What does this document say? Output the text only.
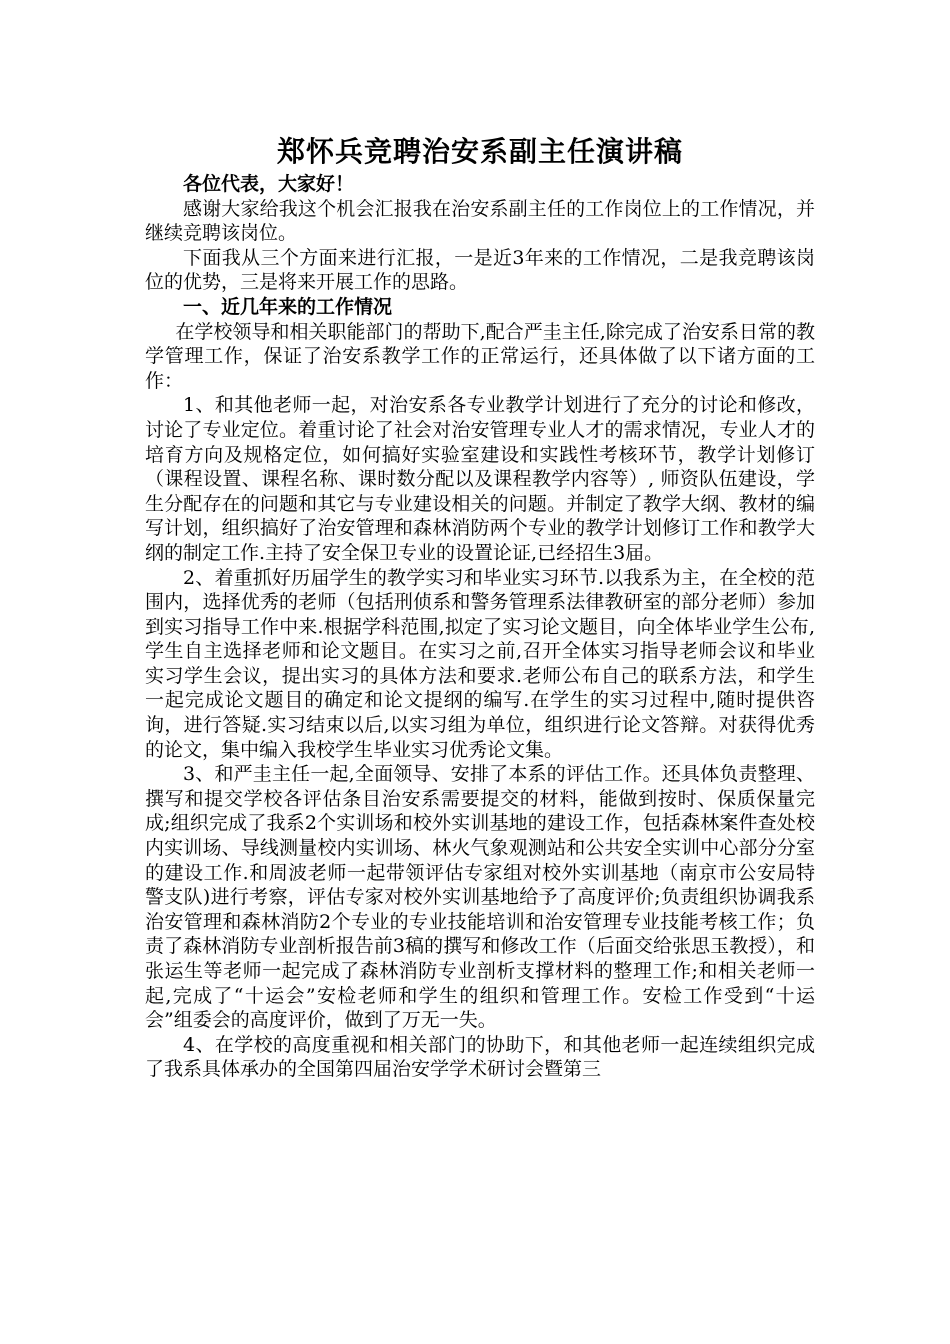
郑怀兵竞聘治安系副主任演讲稿

各位代表，大家好！

感谢大家给我这个机会汇报我在治安系副主任的工作岗位上的工作情况，并继续竞聘该岗位。

下面我从三个方面来进行汇报，一是近3年来的工作情况，二是我竞聘该岗位的优势，三是将来开展工作的思路。

一、近几年来的工作情况

在学校领导和相关职能部门的帮助下,配合严圭主任,除完成了治安系日常的教学管理工作，保证了治安系教学工作的正常运行，还具体做了以下诸方面的工作：

1、和其他老师一起，对治安系各专业教学计划进行了充分的讨论和修改，讨论了专业定位。着重讨论了社会对治安管理专业人才的需求情况，专业人才的培育方向及规格定位，如何搞好实验室建设和实践性考核环节，教学计划修订（课程设置、课程名称、课时数分配以及课程教学内容等）, 师资队伍建设，学生分配存在的问题和其它与专业建设相关的问题。并制定了教学大纲、教材的编写计划，组织搞好了治安管理和森林消防两个专业的教学计划修订工作和教学大纲的制定工作.主持了安全保卫专业的设置论证,已经招生3届。

2、着重抓好历届学生的教学实习和毕业实习环节.以我系为主，在全校的范围内，选择优秀的老师（包括刑侦系和警务管理系法律教研室的部分老师）参加到实习指导工作中来.根据学科范围,拟定了实习论文题目，向全体毕业学生公布,学生自主选择老师和论文题目。在实习之前,召开全体实习指导老师会议和毕业实习学生会议，提出实习的具体方法和要求.老师公布自己的联系方法，和学生一起完成论文题目的确定和论文提纲的编写.在学生的实习过程中,随时提供咨询，进行答疑.实习结束以后,以实习组为单位，组织进行论文答辩。对获得优秀的论文，集中编入我校学生毕业实习优秀论文集。

3、和严圭主任一起,全面领导、安排了本系的评估工作。还具体负责整理、撰写和提交学校各评估条目治安系需要提交的材料，能做到按时、保质保量完成;组织完成了我系2个实训场和校外实训基地的建设工作，包括森林案件查处校内实训场、导线测量校内实训场、林火气象观测站和公共安全实训中心部分分室的建设工作.和周波老师一起带领评估专家组对校外实训基地（南京市公安局特警支队)进行考察，评估专家对校外实训基地给予了高度评价;负责组织协调我系治安管理和森林消防2个专业的专业技能培训和治安管理专业技能考核工作；负责了森林消防专业剖析报告前3稿的撰写和修改工作（后面交给张思玉教授），和张运生等老师一起完成了森林消防专业剖析支撑材料的整理工作;和相关老师一起,完成了“十运会”安检老师和学生的组织和管理工作。安检工作受到“十运会”组委会的高度评价，做到了万无一失。

4、在学校的高度重视和相关部门的协助下，和其他老师一起连续组织完成了我系具体承办的全国第四届治安学学术研讨会暨第三
